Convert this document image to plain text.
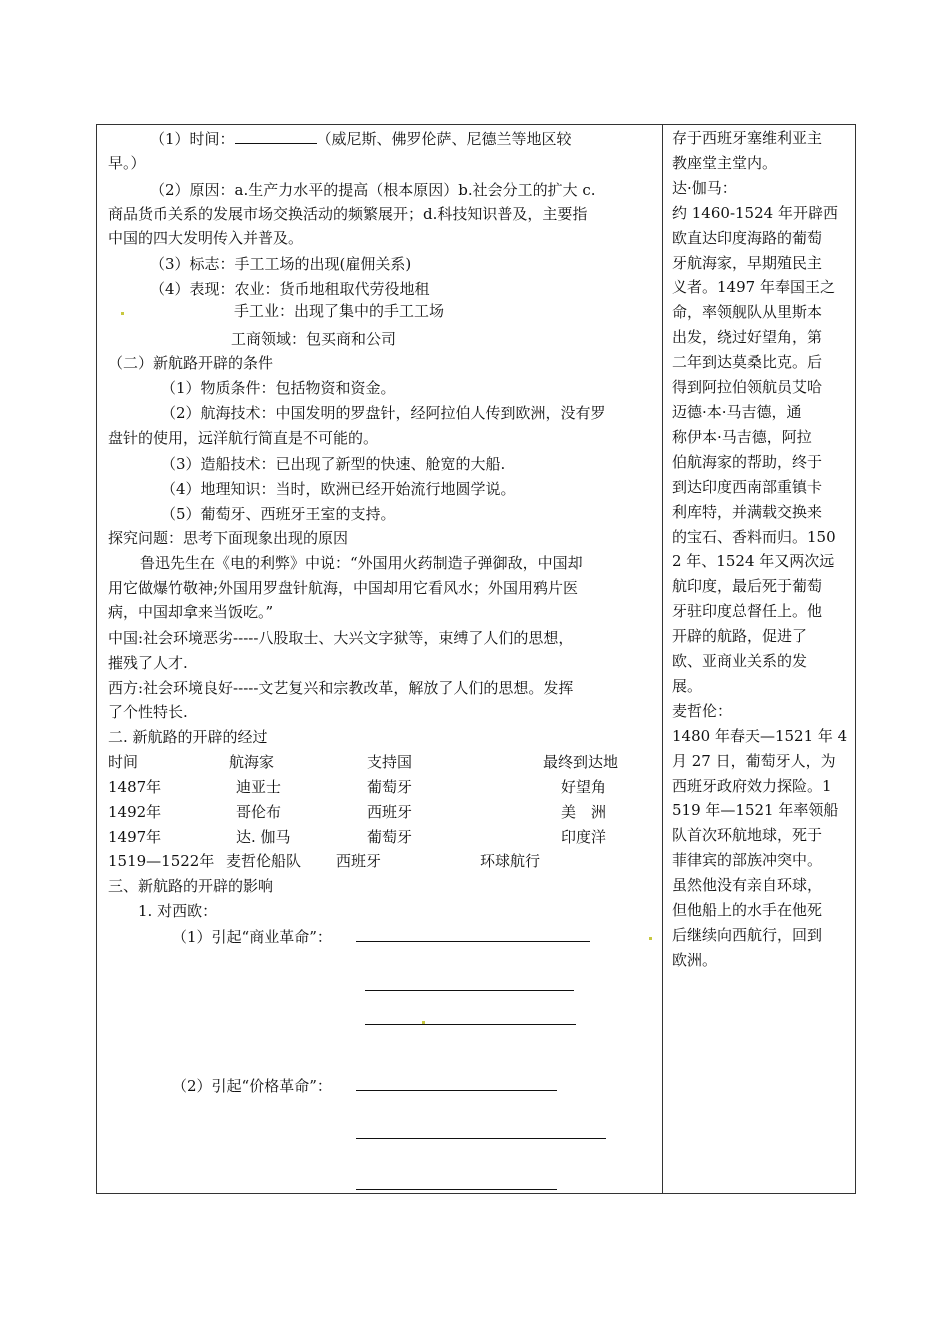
（1）时间：	（威尼斯、佛罗伦萨、尼德兰等地区较
早。）
（2）原因：a.生产力水平的提高（根本原因）b.社会分工的扩大 c.
商品货币关系的发展市场交换活动的频繁展开；d.科技知识普及，主要指
中国的四大发明传入并普及。
（3）标志：手工工场的出现(雇佣关系)
（4）表现：农业：货币地租取代劳役地租
手工业：出现了集中的手工工场
工商领域：包买商和公司
（二）新航路开辟的条件
（1）物质条件：包括物资和资金。
（2）航海技术：中国发明的罗盘针，经阿拉伯人传到欧洲，没有罗
盘针的使用，远洋航行简直是不可能的。
（3）造船技术：已出现了新型的快速、舱宽的大船.
（4）地理知识：当时，欧洲已经开始流行地圆学说。
（5）葡萄牙、西班牙王室的支持。
探究问题：思考下面现象出现的原因
鲁迅先生在《电的利弊》中说：“外国用火药制造子弹御敌，中国却
用它做爆竹敬神;外国用罗盘针航海，中国却用它看风水；外国用鸦片医
病，中国却拿来当饭吃。”
中国:社会环境恶劣-----八股取士、大兴文字狱等，束缚了人们的思想，
摧残了人才.
西方:社会环境良好-----文艺复兴和宗教改革，解放了人们的思想。发挥
了个性特长.
二. 新航路的开辟的经过
时间	航海家	支持国	最终到达地
1487年	迪亚士	葡萄牙	好望角
1492年	哥伦布	西班牙	美　洲
1497年	达. 伽马	葡萄牙	印度洋
1519—1522年 麦哲伦船队 西班牙	环球航行
三、新航路的开辟的影响
1. 对西欧：
（1）引起“商业革命”：
（2）引起“价格革命”：
存于西班牙塞维利亚主
教座堂主堂内。
达·伽马：
约 1460-1524 年开辟西
欧直达印度海路的葡萄
牙航海家，早期殖民主
义者。1497 年奉国王之
命，率领舰队从里斯本
出发，绕过好望角，第
二年到达莫桑比克。后
得到阿拉伯领航员艾哈
迈德·本·马吉德，通
称伊本·马吉德，阿拉
伯航海家的帮助，终于
到达印度西南部重镇卡
利库特，并满载交换来
的宝石、香料而归。150
2 年、1524 年又两次远
航印度，最后死于葡萄
牙驻印度总督任上。他
开辟的航路，促进了
欧、亚商业关系的发
展。
麦哲伦：
1480 年春天—1521 年 4
月 27 日，葡萄牙人，为
西班牙政府效力探险。1
519 年—1521 年率领船
队首次环航地球，死于
菲律宾的部族冲突中。
虽然他没有亲自环球，
但他船上的水手在他死
后继续向西航行，回到
欧洲。
